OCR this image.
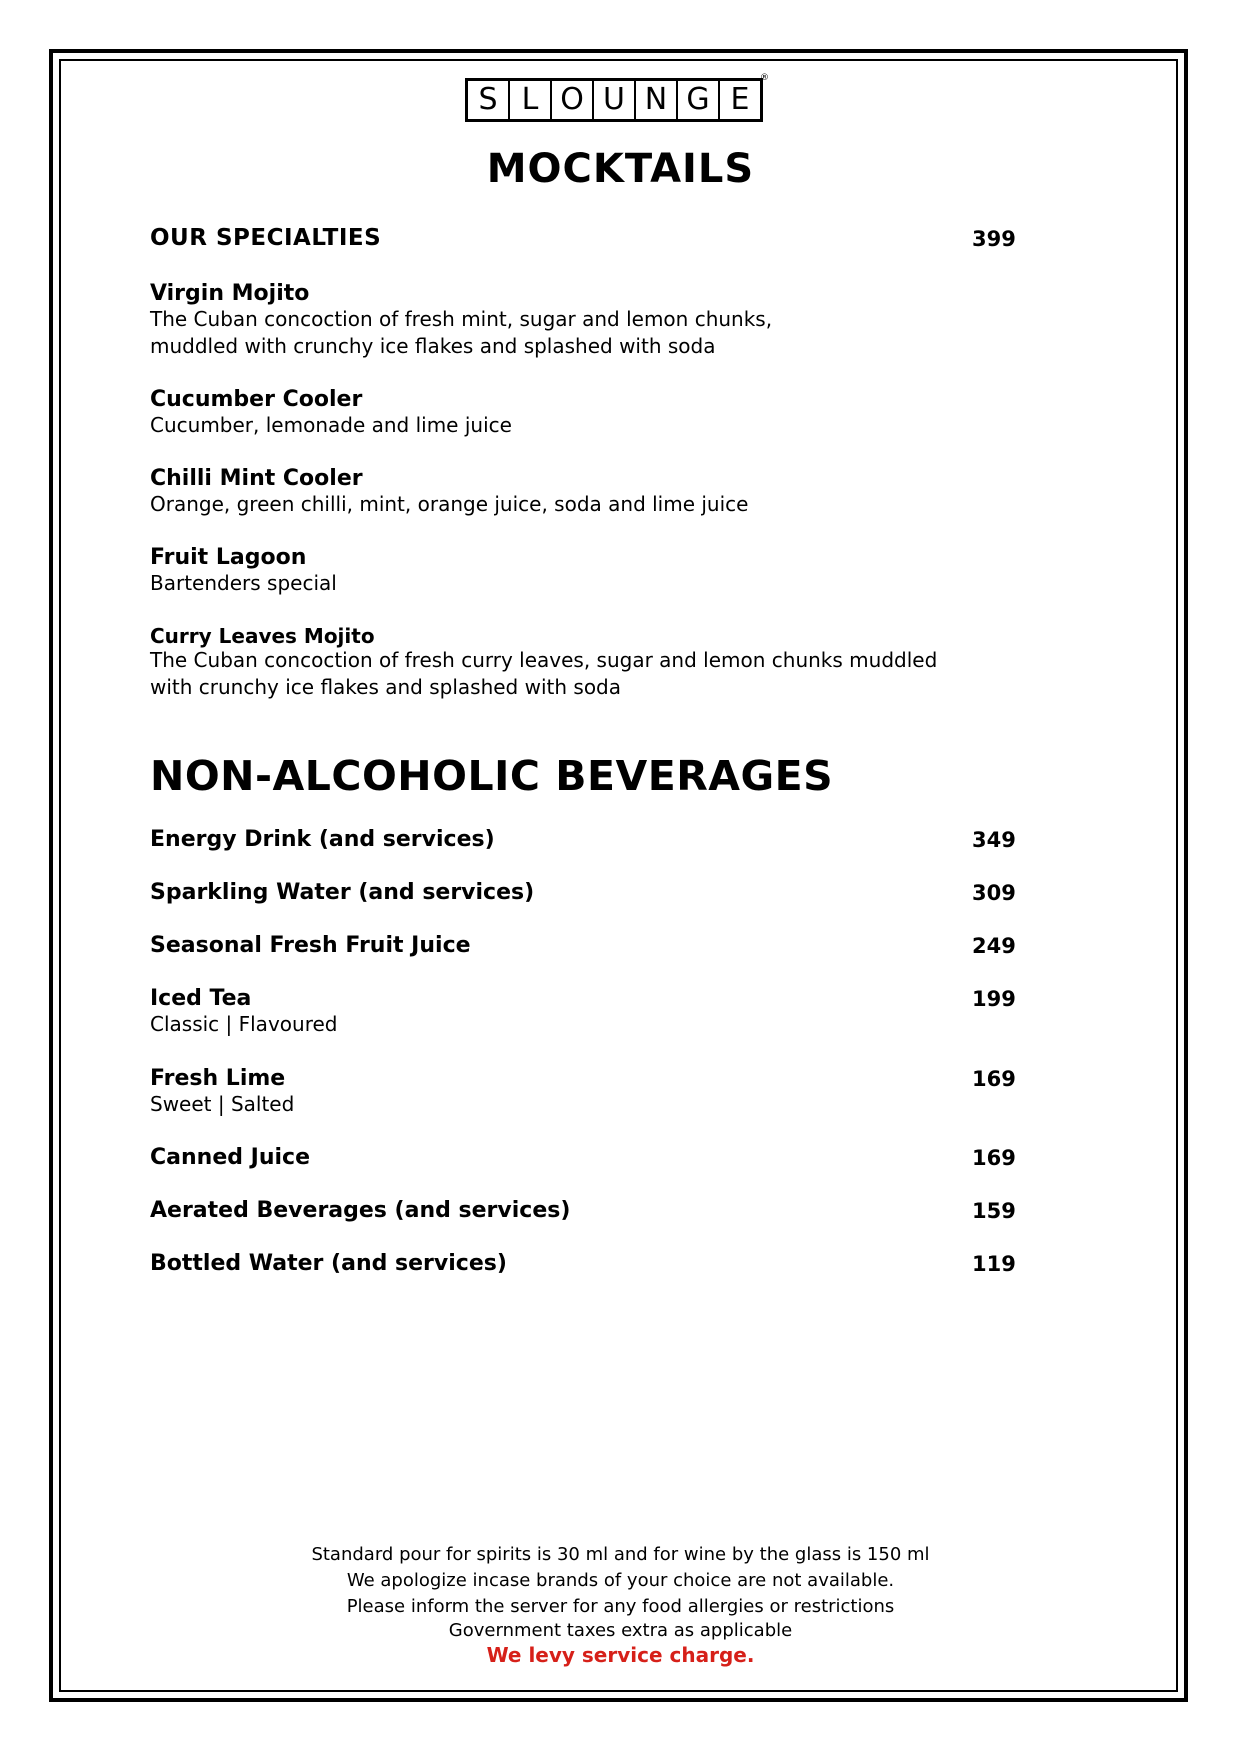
S L O U N G E
®
MOCKTAILS
OUR SPECIALTIES	399
Virgin Mojito
The Cuban concoction of fresh mint, sugar and lemon chunks,
muddled with crunchy ice flakes and splashed with soda
Cucumber Cooler
Cucumber, lemonade and lime juice
Chilli Mint Cooler
Orange, green chilli, mint, orange juice, soda and lime juice
Fruit Lagoon
Bartenders special
Curry Leaves Mojito
The Cuban concoction of fresh curry leaves, sugar and lemon chunks muddled
with crunchy ice flakes and splashed with soda
NON-ALCOHOLIC BEVERAGES
Energy Drink (and services)	349
Sparkling Water (and services)	309
Seasonal Fresh Fruit Juice	249
Iced Tea	199
Classic | Flavoured
Fresh Lime	169
Sweet | Salted
Canned Juice	169
Aerated Beverages (and services)	159
Bottled Water (and services)	119
Standard pour for spirits is 30 ml and for wine by the glass is 150 ml
We apologize incase brands of your choice are not available.
Please inform the server for any food allergies or restrictions
Government taxes extra as applicable
We levy service charge.
